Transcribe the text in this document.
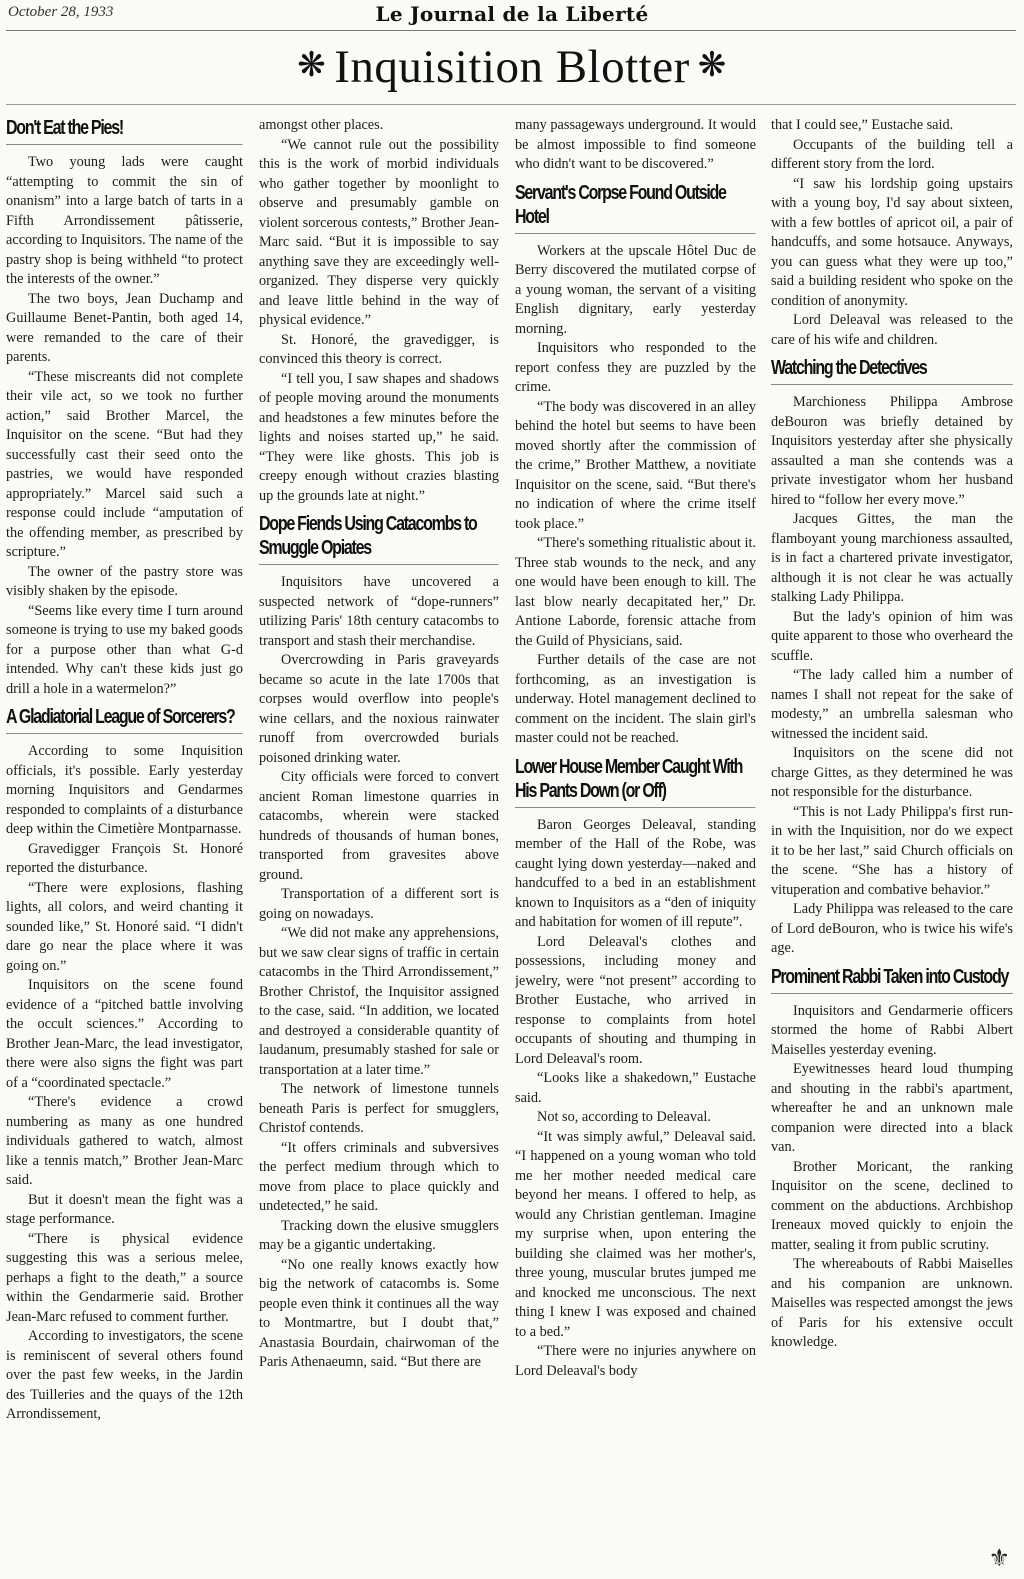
October 28, 1933	Le Journal de la Liberté
❋ Inquisition Blotter ❋
Don't Eat the Pies!

Two young lads were caught “attempting to commit the sin of onanism” into a large batch of tarts in a Fifth Arrondissement pâtisserie, according to Inquisitors. The name of the pastry shop is being withheld “to protect the interests of the owner.”

The two boys, Jean Duchamp and Guillaume Benet-Pantin, both aged 14, were remanded to the care of their parents.

“These miscreants did not complete their vile act, so we took no further action,” said Brother Marcel, the Inquisitor on the scene. “But had they successfully cast their seed onto the pastries, we would have responded appropriately.” Marcel said such a response could include “amputation of the offending member, as prescribed by scripture.”

The owner of the pastry store was visibly shaken by the episode.

“Seems like every time I turn around someone is trying to use my baked goods for a purpose other than what G-d intended. Why can't these kids just go drill a hole in a watermelon?”

A Gladiatorial League of Sorcerers?

According to some Inquisition officials, it's possible. Early yesterday morning Inquisitors and Gendarmes responded to complaints of a disturbance deep within the Cimetière Montparnasse.

Gravedigger François St. Honoré reported the disturbance.

“There were explosions, flashing lights, all colors, and weird chanting it sounded like,” St. Honoré said. “I didn't dare go near the place where it was going on.”

Inquisitors on the scene found evidence of a “pitched battle involving the occult sciences.” According to Brother Jean-Marc, the lead investigator, there were also signs the fight was part of a “coordinated spectacle.”

“There's evidence a crowd numbering as many as one hundred individuals gathered to watch, almost like a tennis match,” Brother Jean-Marc said.

But it doesn't mean the fight was a stage performance.

“There is physical evidence suggesting this was a serious melee, perhaps a fight to the death,” a source within the Gendarmerie said. Brother Jean-Marc refused to comment further.

According to investigators, the scene is reminiscent of several others found over the past few weeks, in the Jardin des Tuilleries and the quays of the 12th Arrondissement,

amongst other places.

“We cannot rule out the possibility this is the work of morbid individuals who gather together by moonlight to observe and presumably gamble on violent sorcerous contests,” Brother Jean-Marc said. “But it is impossible to say anything save they are exceedingly well-organized. They disperse very quickly and leave little behind in the way of physical evidence.”

St. Honoré, the gravedigger, is convinced this theory is correct.

“I tell you, I saw shapes and shadows of people moving around the monuments and headstones a few minutes before the lights and noises started up,” he said. “They were like ghosts. This job is creepy enough without crazies blasting up the grounds late at night.”

Dope Fiends Using Catacombs to Smuggle Opiates

Inquisitors have uncovered a suspected network of “dope-runners” utilizing Paris' 18th century catacombs to transport and stash their merchandise.

Overcrowding in Paris graveyards became so acute in the late 1700s that corpses would overflow into people's wine cellars, and the noxious rainwater runoff from overcrowded burials poisoned drinking water.

City officials were forced to convert ancient Roman limestone quarries in catacombs, wherein were stacked hundreds of thousands of human bones, transported from gravesites above ground.

Transportation of a different sort is going on nowadays.

“We did not make any apprehensions, but we saw clear signs of traffic in certain catacombs in the Third Arrondissement,” Brother Christof, the Inquisitor assigned to the case, said. “In addition, we located and destroyed a considerable quantity of laudanum, presumably stashed for sale or transportation at a later time.”

The network of limestone tunnels beneath Paris is perfect for smugglers, Christof contends.

“It offers criminals and subversives the perfect medium through which to move from place to place quickly and undetected,” he said.

Tracking down the elusive smugglers may be a gigantic undertaking.

“No one really knows exactly how big the network of catacombs is. Some people even think it continues all the way to Montmartre, but I doubt that,” Anastasia Bourdain, chairwoman of the Paris Athenaeumn, said. “But there are

many passageways underground. It would be almost impossible to find someone who didn't want to be discovered.”

Servant's Corpse Found Outside Hotel

Workers at the upscale Hôtel Duc de Berry discovered the mutilated corpse of a young woman, the servant of a visiting English dignitary, early yesterday morning.

Inquisitors who responded to the report confess they are puzzled by the crime.

“The body was discovered in an alley behind the hotel but seems to have been moved shortly after the commission of the crime,” Brother Matthew, a novitiate Inquisitor on the scene, said. “But there's no indication of where the crime itself took place.”

“There's something ritualistic about it. Three stab wounds to the neck, and any one would have been enough to kill. The last blow nearly decapitated her,” Dr. Antione Laborde, forensic attache from the Guild of Physicians, said.

Further details of the case are not forthcoming, as an investigation is underway. Hotel management declined to comment on the incident. The slain girl's master could not be reached.

Lower House Member Caught With His Pants Down (or Off)

Baron Georges Deleaval, standing member of the Hall of the Robe, was caught lying down yesterday—naked and handcuffed to a bed in an establishment known to Inquisitors as a “den of iniquity and habitation for women of ill repute”.

Lord Deleaval's clothes and possessions, including money and jewelry, were “not present” according to Brother Eustache, who arrived in response to complaints from hotel occupants of shouting and thumping in Lord Deleaval's room.

“Looks like a shakedown,” Eustache said.

Not so, according to Deleaval.

“It was simply awful,” Deleaval said. “I happened on a young woman who told me her mother needed medical care beyond her means. I offered to help, as would any Christian gentleman. Imagine my surprise when, upon entering the building she claimed was her mother's, three young, muscular brutes jumped me and knocked me unconscious. The next thing I knew I was exposed and chained to a bed.”

“There were no injuries anywhere on Lord Deleaval's body

that I could see,” Eustache said.

Occupants of the building tell a different story from the lord.

“I saw his lordship going upstairs with a young boy, I'd say about sixteen, with a few bottles of apricot oil, a pair of handcuffs, and some hotsauce. Anyways, you can guess what they were up too,” said a building resident who spoke on the condition of anonymity.

Lord Deleaval was released to the care of his wife and children.

Watching the Detectives

Marchioness Philippa Ambrose deBouron was briefly detained by Inquisitors yesterday after she physically assaulted a man she contends was a private investigator whom her husband hired to “follow her every move.”

Jacques Gittes, the man the flamboyant young marchioness assaulted, is in fact a chartered private investigator, although it is not clear he was actually stalking Lady Philippa.

But the lady's opinion of him was quite apparent to those who overheard the scuffle.

“The lady called him a number of names I shall not repeat for the sake of modesty,” an umbrella salesman who witnessed the incident said.

Inquisitors on the scene did not charge Gittes, as they determined he was not responsible for the disturbance.

“This is not Lady Philippa's first run-in with the Inquisition, nor do we expect it to be her last,” said Church officials on the scene. “She has a history of vituperation and combative behavior.”

Lady Philippa was released to the care of Lord deBouron, who is twice his wife's age.

Prominent Rabbi Taken into Custody

Inquisitors and Gendarmerie officers stormed the home of Rabbi Albert Maiselles yesterday evening.

Eyewitnesses heard loud thumping and shouting in the rabbi's apartment, whereafter he and an unknown male companion were directed into a black van.

Brother Moricant, the ranking Inquisitor on the scene, declined to comment on the abductions. Archbishop Ireneaux moved quickly to enjoin the matter, sealing it from public scrutiny.

The whereabouts of Rabbi Maiselles and his companion are unknown. Maiselles was respected amongst the jews of Paris for his extensive occult knowledge.

⚜
